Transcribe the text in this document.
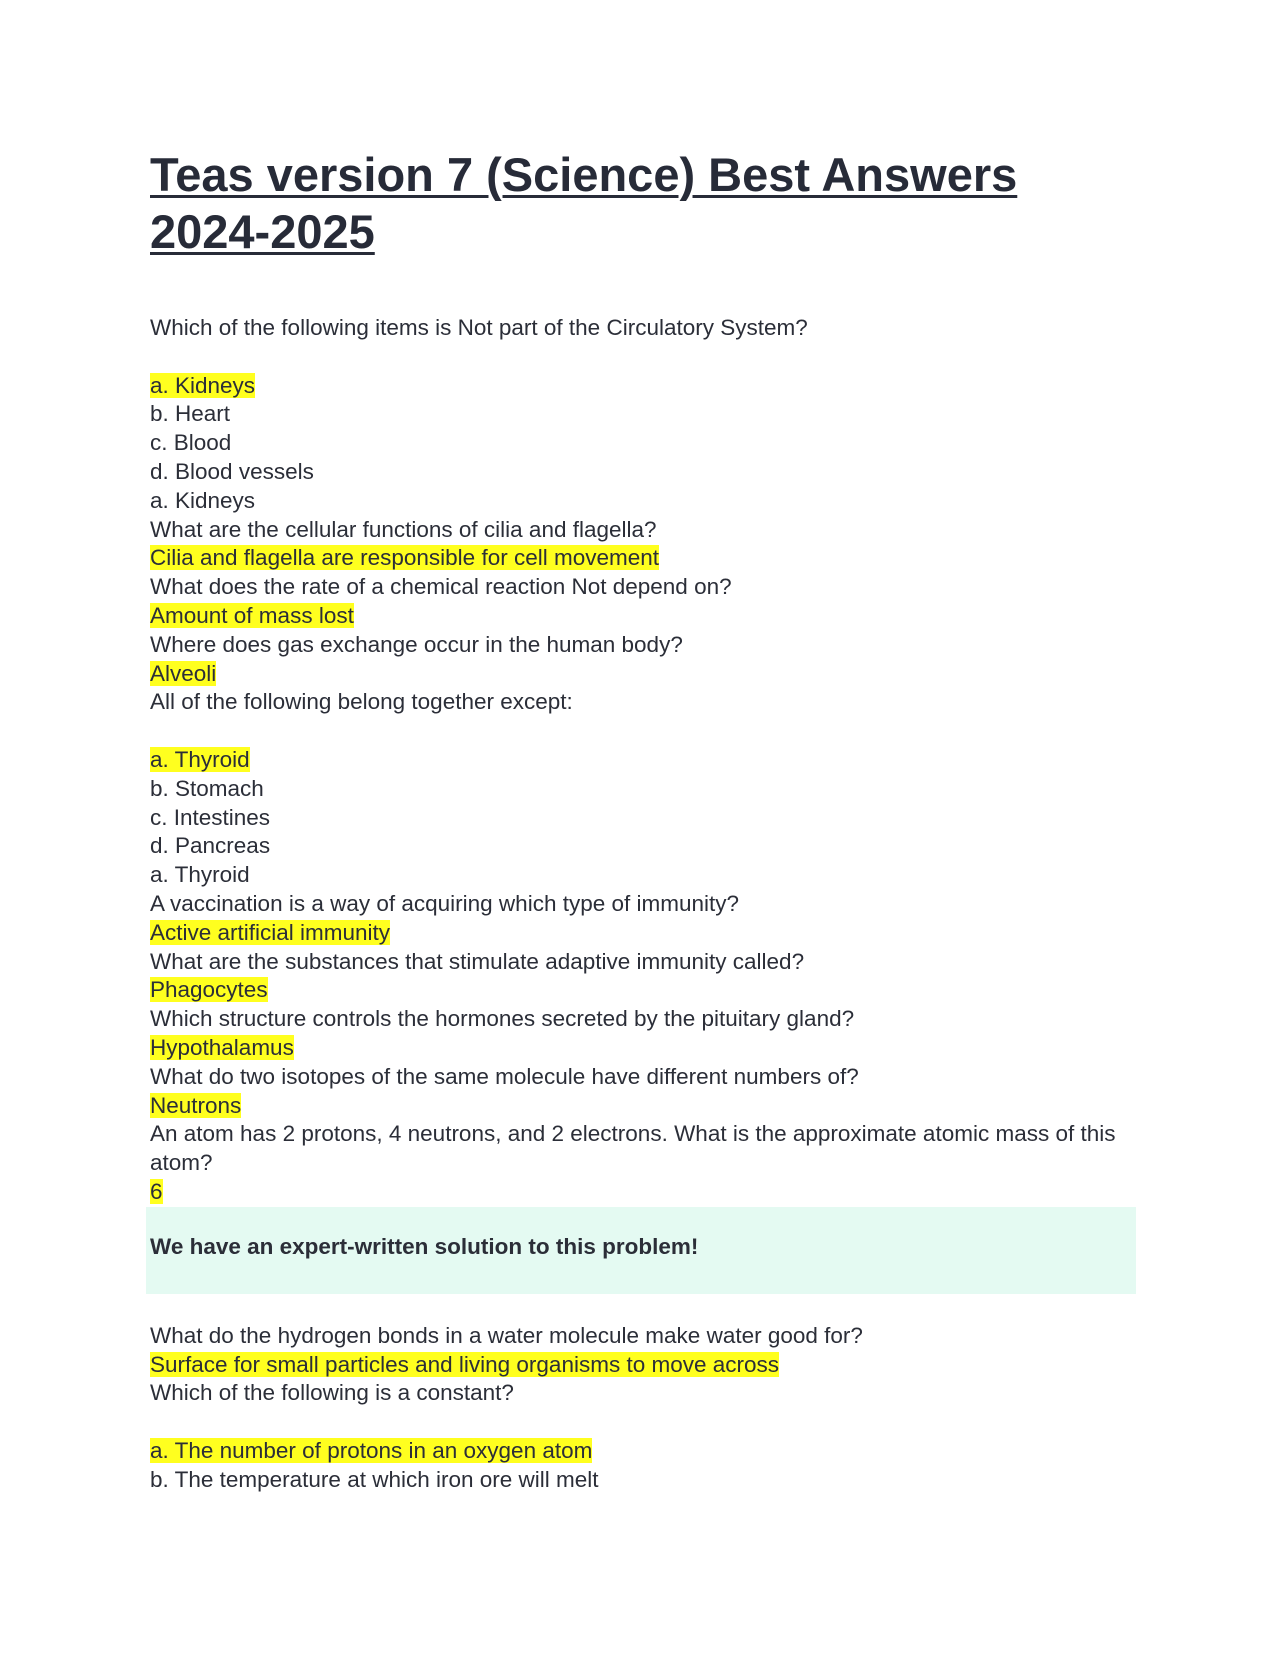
Teas version 7 (Science) Best Answers
2024-2025
Which of the following items is Not part of the Circulatory System?
a. Kidneys
b. Heart
c. Blood
d. Blood vessels
a. Kidneys
What are the cellular functions of cilia and flagella?
Cilia and flagella are responsible for cell movement
What does the rate of a chemical reaction Not depend on?
Amount of mass lost
Where does gas exchange occur in the human body?
Alveoli
All of the following belong together except:
a. Thyroid
b. Stomach
c. Intestines
d. Pancreas
a. Thyroid
A vaccination is a way of acquiring which type of immunity?
Active artificial immunity
What are the substances that stimulate adaptive immunity called?
Phagocytes
Which structure controls the hormones secreted by the pituitary gland?
Hypothalamus
What do two isotopes of the same molecule have different numbers of?
Neutrons
An atom has 2 protons, 4 neutrons, and 2 electrons. What is the approximate atomic mass of this atom?
6
We have an expert-written solution to this problem!
What do the hydrogen bonds in a water molecule make water good for?
Surface for small particles and living organisms to move across
Which of the following is a constant?
a. The number of protons in an oxygen atom
b. The temperature at which iron ore will melt
